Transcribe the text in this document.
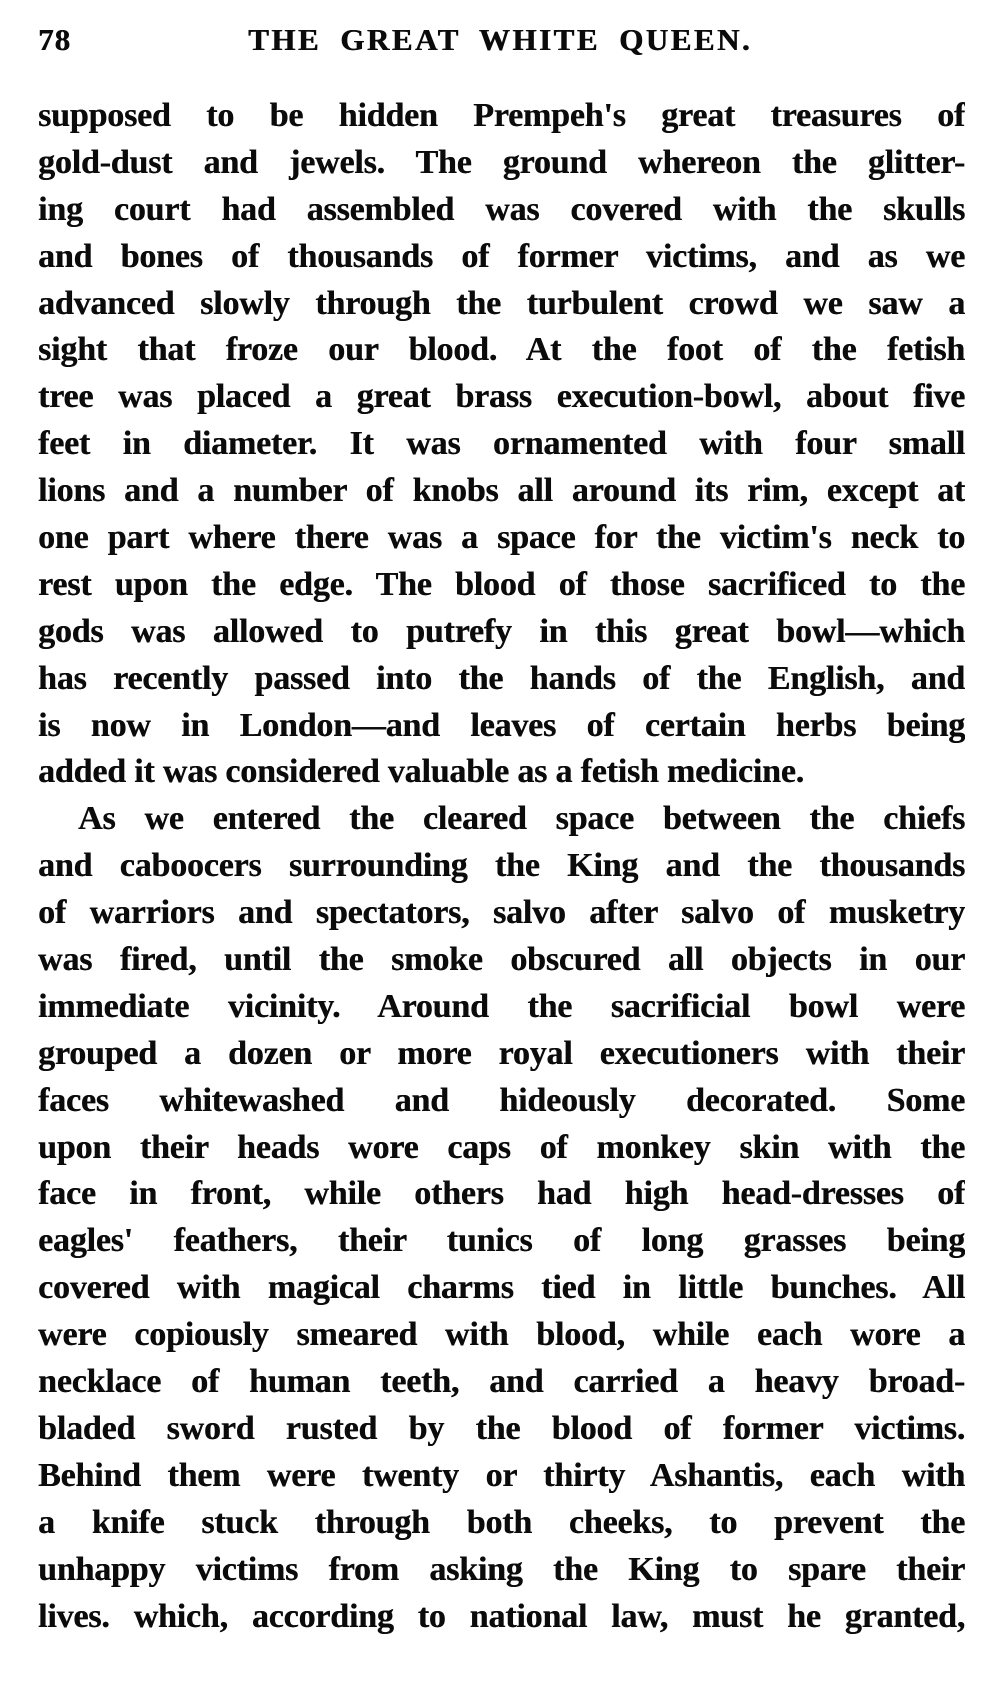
78	THE GREAT WHITE QUEEN.
supposed to be hidden Prempeh's great treasures of
gold-dust and jewels. The ground whereon the glitter-
ing court had assembled was covered with the skulls
and bones of thousands of former victims, and as we
advanced slowly through the turbulent crowd we saw a
sight that froze our blood. At the foot of the fetish
tree was placed a great brass execution-bowl, about five
feet in diameter. It was ornamented with four small
lions and a number of knobs all around its rim, except at
one part where there was a space for the victim's neck to
rest upon the edge. The blood of those sacrificed to the
gods was allowed to putrefy in this great bowl—which
has recently passed into the hands of the English, and
is now in London—and leaves of certain herbs being
added it was considered valuable as a fetish medicine.
As we entered the cleared space between the chiefs
and caboocers surrounding the King and the thousands
of warriors and spectators, salvo after salvo of musketry
was fired, until the smoke obscured all objects in our
immediate vicinity. Around the sacrificial bowl were
grouped a dozen or more royal executioners with their
faces whitewashed and hideously decorated. Some
upon their heads wore caps of monkey skin with the
face in front, while others had high head-dresses of
eagles' feathers, their tunics of long grasses being
covered with magical charms tied in little bunches. All
were copiously smeared with blood, while each wore a
necklace of human teeth, and carried a heavy broad-
bladed sword rusted by the blood of former victims.
Behind them were twenty or thirty Ashantis, each with
a knife stuck through both cheeks, to prevent the
unhappy victims from asking the King to spare their
lives. which, according to national law, must he granted,
